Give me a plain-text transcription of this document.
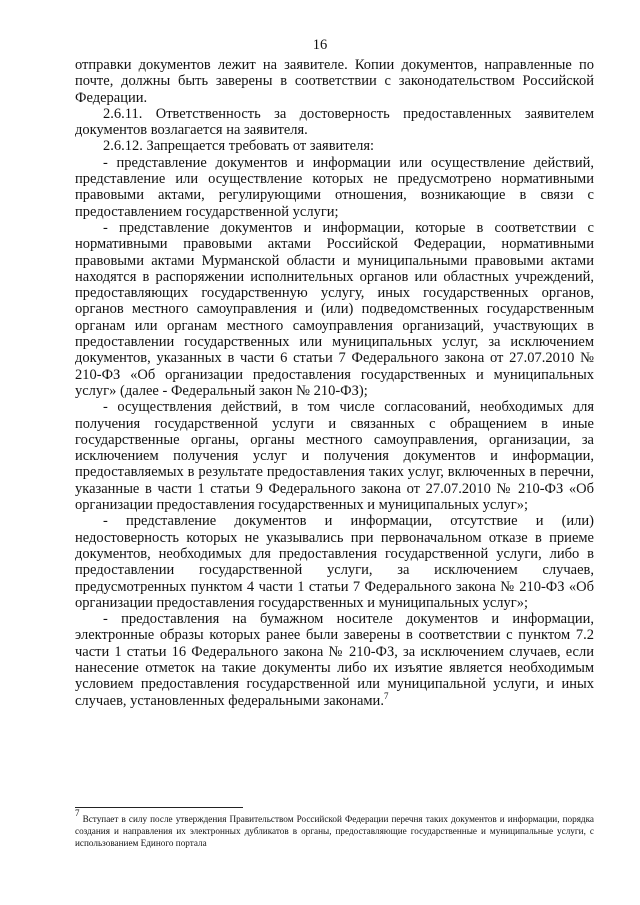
16

отправки документов лежит на заявителе. Копии документов, направленные по почте, должны быть заверены в соответствии с законодательством Российской Федерации.

2.6.11. Ответственность за достоверность предоставленных заявителем документов возлагается на заявителя.

2.6.12. Запрещается требовать от заявителя:

- представление документов и информации или осуществление действий, представление или осуществление которых не предусмотрено нормативными правовыми актами, регулирующими отношения, возникающие в связи с предоставлением государственной услуги;

- представление документов и информации, которые в соответствии с нормативными правовыми актами Российской Федерации, нормативными правовыми актами Мурманской области и муниципальными правовыми актами находятся в распоряжении исполнительных органов или областных учреждений, предоставляющих государственную услугу, иных государственных органов, органов местного самоуправления и (или) подведомственных государственным органам или органам местного самоуправления организаций, участвующих в предоставлении государственных или муниципальных услуг, за исключением документов, указанных в части 6 статьи 7 Федерального закона от 27.07.2010 № 210-ФЗ «Об организации предоставления государственных и муниципальных услуг» (далее - Федеральный закон № 210-ФЗ);

- осуществления действий, в том числе согласований, необходимых для получения государственной услуги и связанных с обращением в иные государственные органы, органы местного самоуправления, организации, за исключением получения услуг и получения документов и информации, предоставляемых в результате предоставления таких услуг, включенных в перечни, указанные в части 1 статьи 9 Федерального закона от 27.07.2010 № 210-ФЗ «Об организации предоставления государственных и муниципальных услуг»;

- представление документов и информации, отсутствие и (или) недостоверность которых не указывались при первоначальном отказе в приеме документов, необходимых для предоставления государственной услуги, либо в предоставлении государственной услуги, за исключением случаев, предусмотренных пунктом 4 части 1 статьи 7 Федерального закона № 210-ФЗ «Об организации предоставления государственных и муниципальных услуг»;

- предоставления на бумажном носителе документов и информации, электронные образы которых ранее были заверены в соответствии с пунктом 7.2 части 1 статьи 16 Федерального закона № 210-ФЗ, за исключением случаев, если нанесение отметок на такие документы либо их изъятие является необходимым условием предоставления государственной или муниципальной услуги, и иных случаев, установленных федеральными законами.$^7$

$^7$ Вступает в силу после утверждения Правительством Российской Федерации перечня таких документов и информации, порядка создания и направления их электронных дубликатов в органы, предоставляющие государственные и муниципальные услуги, с использованием Единого портала
